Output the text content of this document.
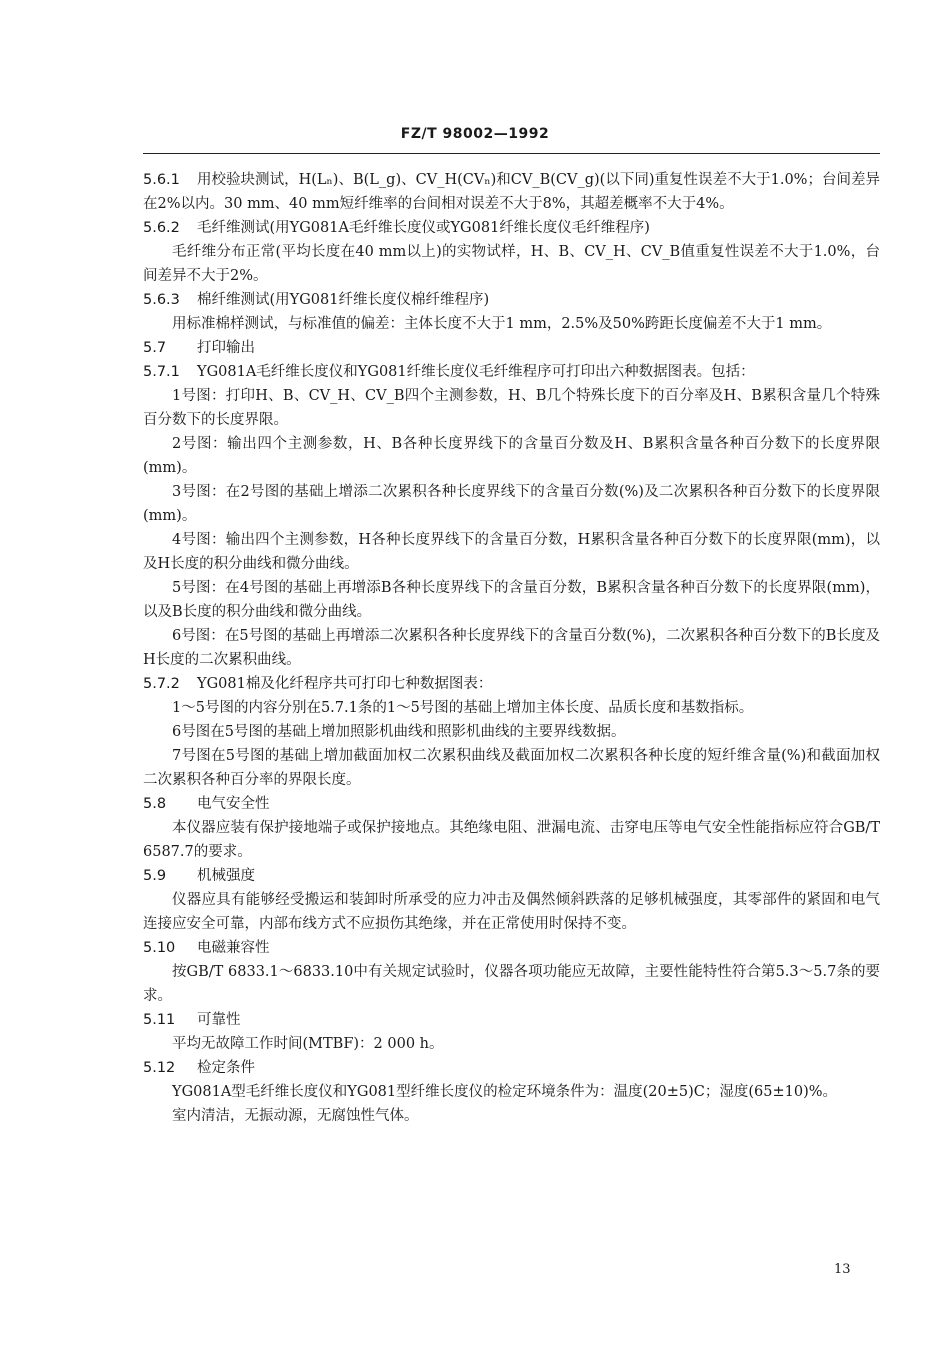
FZ/T 98002—1992

5.6.1 用校验块测试，H(Lₙ)、B(L_g)、CV_H(CVₙ)和CV_B(CV_g)(以下同)重复性误差不大于1.0%；台间差异在2%以内。30 mm、40 mm短纤维率的台间相对误差不大于8%，其超差概率不大于4%。

5.6.2 毛纤维测试(用YG081A毛纤维长度仪或YG081纤维长度仪毛纤维程序)

毛纤维分布正常(平均长度在40 mm以上)的实物试样，H、B、CV_H、CV_B值重复性误差不大于1.0%，台间差异不大于2%。

5.6.3 棉纤维测试(用YG081纤维长度仪棉纤维程序)

用标准棉样测试，与标准值的偏差：主体长度不大于1 mm，2.5%及50%跨距长度偏差不大于1 mm。

5.7 打印输出

5.7.1 YG081A毛纤维长度仪和YG081纤维长度仪毛纤维程序可打印出六种数据图表。包括：

1号图：打印H、B、CV_H、CV_B四个主测参数，H、B几个特殊长度下的百分率及H、B累积含量几个特殊百分数下的长度界限。

2号图：输出四个主测参数，H、B各种长度界线下的含量百分数及H、B累积含量各种百分数下的长度界限(mm)。

3号图：在2号图的基础上增添二次累积各种长度界线下的含量百分数(%)及二次累积各种百分数下的长度界限(mm)。

4号图：输出四个主测参数，H各种长度界线下的含量百分数，H累积含量各种百分数下的长度界限(mm)，以及H长度的积分曲线和微分曲线。

5号图：在4号图的基础上再增添B各种长度界线下的含量百分数，B累积含量各种百分数下的长度界限(mm)，以及B长度的积分曲线和微分曲线。

6号图：在5号图的基础上再增添二次累积各种长度界线下的含量百分数(%)，二次累积各种百分数下的B长度及H长度的二次累积曲线。

5.7.2 YG081棉及化纤程序共可打印七种数据图表：

1～5号图的内容分别在5.7.1条的1～5号图的基础上增加主体长度、品质长度和基数指标。

6号图在5号图的基础上增加照影机曲线和照影机曲线的主要界线数据。

7号图在5号图的基础上增加截面加权二次累积曲线及截面加权二次累积各种长度的短纤维含量(%)和截面加权二次累积各种百分率的界限长度。

5.8 电气安全性

本仪器应装有保护接地端子或保护接地点。其绝缘电阻、泄漏电流、击穿电压等电气安全性能指标应符合GB/T 6587.7的要求。

5.9 机械强度

仪器应具有能够经受搬运和装卸时所承受的应力冲击及偶然倾斜跌落的足够机械强度，其零部件的紧固和电气连接应安全可靠，内部布线方式不应损伤其绝缘，并在正常使用时保持不变。

5.10 电磁兼容性

按GB/T 6833.1～6833.10中有关规定试验时，仪器各项功能应无故障，主要性能特性符合第5.3～5.7条的要求。

5.11 可靠性

平均无故障工作时间(MTBF)：2 000 h。

5.12 检定条件

YG081A型毛纤维长度仪和YG081型纤维长度仪的检定环境条件为：温度(20±5)C；湿度(65±10)%。

室内清洁，无振动源，无腐蚀性气体。

13
